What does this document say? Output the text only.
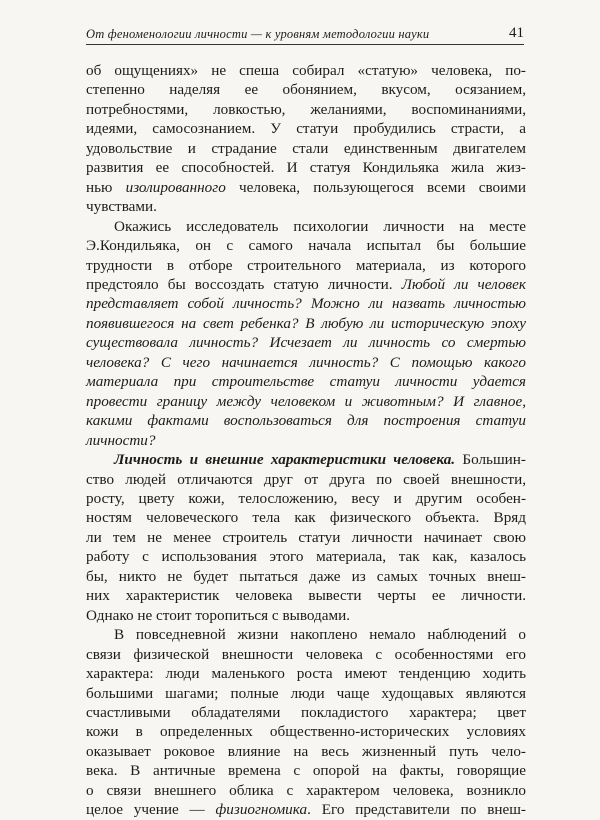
От феноменологии личности — к уровням методологии науки	41

об ощущениях» не спеша собирал «статую» человека, по-
степенно наделяя ее обонянием, вкусом, осязанием,
потребностями, ловкостью, желаниями, воспоминаниями,
идеями, самосознанием. У статуи пробудились страсти, а
удовольствие и страдание стали единственным двигателем
развития ее способностей. И статуя Кондильяка жила жиз-
нью изолированного человека, пользующегося всеми своими
чувствами.

Окажись исследователь психологии личности на месте
Э.Кондильяка, он с самого начала испытал бы большие
трудности в отборе строительного материала, из которого
предстояло бы воссоздать статую личности. Любой ли человек
представляет собой личность? Можно ли назвать личностью
появившегося на свет ребенка? В любую ли историческую эпоху
существовала личность? Исчезает ли личность со смертью
человека? С чего начинается личность? С помощью какого
материала при строительстве статуи личности удается
провести границу между человеком и животным? И главное,
какими фактами воспользоваться для построения статуи
личности?

Личность и внешние характеристики человека. Большин-
ство людей отличаются друг от друга по своей внешности,
росту, цвету кожи, телосложению, весу и другим особен-
ностям человеческого тела как физического объекта. Вряд
ли тем не менее строитель статуи личности начинает свою
работу с использования этого материала, так как, казалось
бы, никто не будет пытаться даже из самых точных внеш-
них характеристик человека вывести черты ее личности.
Однако не стоит торопиться с выводами.

В повседневной жизни накоплено немало наблюдений о
связи физической внешности человека с особенностями его
характера: люди маленького роста имеют тенденцию ходить
большими шагами; полные люди чаще худощавых являются
счастливыми обладателями покладистого характера; цвет
кожи в определенных общественно-исторических условиях
оказывает роковое влияние на весь жизненный путь чело-
века. В античные времена с опорой на факты, говорящие
о связи внешнего облика с характером человека, возникло
целое учение — физиогномика. Его представители по внеш-
